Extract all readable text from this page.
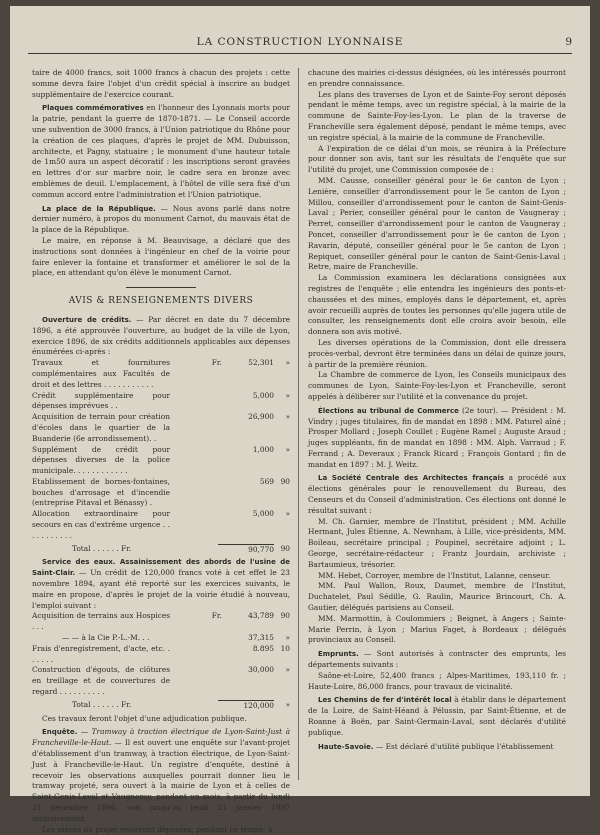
LA CONSTRUCTION LYONNAISE	9

taire de 4000 francs, soit 1000 francs à chacun des projets : cette somme devra faire l'objet d'un crédit spécial à inscrire au budget supplémentaire de l'exercice courant.

Plaques commémoratives en l'honneur des Lyonnais morts pour la patrie, pendant la guerre de 1870-1871. — Le Conseil accorde une subvention de 3000 francs, à l'Union patriotique du Rhône pour la création de ces plaques, d'après le projet de MM. Dubuisson, architecte, et Pagny, statuaire ; le monument d'une hauteur totale de 1m50 aura un aspect décoratif : les inscriptions seront gravées en lettres d'or sur marbre noir, le cadre sera en bronze avec emblèmes de deuil. L'emplacement, à l'hôtel de ville sera fixé d'un commun accord entre l'administration et l'Union patriotique.

La place de la République. — Nous avons parlé dans notre dernier numéro, à propos du monument Carnot, du mauvais état de la place de la République.

Le maire, en réponse à M. Beauvisage, a déclaré que des instructions sont données à l'ingénieur en chef de la voirie pour faire enlever la fontaine et transformer et améliorer le sol de la place, en attendant qu'on élève le monument Carnot.

AVIS & RENSEIGNEMENTS DIVERS

Ouverture de crédits. — Par décret en date du 7 décembre 1896, a été approuvée l'ouverture, au budget de la ville de Lyon, exercice 1896, de six crédits additionnels applicables aux dépenses énumérées ci-après :

Travaux et fournitures complémentaires aux Facultés de droit et des lettres . . . . . . . . . . .
Fr.	52,301	»
Crédit supplémentaire pour dépenses imprévues . .
5,000	»
Acquisition de terrain pour création d'écoles dans le quartier de la Buanderie (6e arrondissement). .
26,900	»
Supplément de crédit pour dépenses diverses de la police municipale. . . . . . . . . . . .
1,000	»
Etablissement de bornes-fontaines, bouches d'arrosage et d'incendie (entreprise Pitaval et Bénassy) .
569 90
Allocation extraordinaire pour secours en cas d'extrême urgence . . . . . . . . . . .
5,000	»
Total . . . . . . Fr.	90,770 90

Service des eaux. Assainissement des abords de l'usine de Saint-Clair. — Un crédit de 120,000 francs voté à cet effet le 23 novembre 1894, ayant été reporté sur les exercices suivants, le maire en propose, d'après le projet de la voirie étudié à nouveau, l'emploi suivant :

Acquisition de terrains aux Hospices . . .
Fr.	43,789 90
— — à la Cie P.-L.-M. . .	37,315	»
Frais d'enregistrement, d'acte, etc. . . . . . .
8.895 10
Construction d'égouts, de clôtures en treillage et de couvertures de regard . . . . . . . . . .
30,000	»
Total . . . . . . Fr.	120,000	»

Ces travaux feront l'objet d'une adjudication publique.

Enquête. — Tramway à traction électrique de Lyon-Saint-Just à Francheville-le-Haut. — Il est ouvert une enquête sur l'avant-projet d'établissement d'un tramway, à traction électrique, de Lyon-Saint-Just à Francheville-le-Haut. Un registre d'enquête, destiné à recevoir les observations auxquelles pourrait donner lieu le tramway projeté, sera ouvert à la mairie de Lyon et à celles de Saint-Genis-Laval et Vaugneray, pendant un mois, à partir du lundi 21 décembre 1896, soit jusqu'au jeudi 21 janvier 1897 inclusivement.

Les pièces du projet resteront déposées, pendant ce temps, à

chacune des mairies ci-dessus désignées, où les intéressés pourront en prendre connaissance.

Les plans des traverses de Lyon et de Sainte-Foy seront déposés pendant le même temps, avec un registre spécial, à la mairie de la commune de Sainte-Foy-les-Lyon. Le plan de la traverse de Francheville sera également déposé, pendant le même temps, avec un registre spécial, à la mairie de la commune de Francheville.

A l'expiration de ce délai d'un mois, se réunira à la Préfecture pour donner son avis, tant sur les résultats de l'enquête que sur l'utilité du projet, une Commission composée de :

MM. Causse, conseiller général pour le 6e canton de Lyon ; Lenière, conseiller d'arrondissement pour le 5e canton de Lyon ; Millou, conseiller d'arrondissement pour le canton de Saint-Genis-Laval ; Perier, conseiller général pour le canton de Vaugneray ; Perret, conseiller d'arrondissement pour le canton de Vaugneray ; Poncet, conseiller d'arrondissement pour le 6e canton de Lyon ; Ravarin, député, conseiller général pour le 5e canton de Lyon ; Repiquet, conseiller général pour le canton de Saint-Genis-Laval ; Retre, maire de Francheville.

La Commission examinera les déclarations consignées aux registres de l'enquête ; elle entendra les ingénieurs des ponts-et-chaussées et des mines, employés dans le département, et, après avoir recueilli auprès de toutes les personnes qu'elle jugera utile de consulter, les renseignements dont elle croira avoir besoin, elle donnera son avis motivé.

Les diverses opérations de la Commission, dont elle dressera procès-verbal, devront être terminées dans un délai de quinze jours, à partir de la première réunion.

La Chambre de commerce de Lyon, les Conseils municipaux des communes de Lyon, Sainte-Foy-les-Lyon et Francheville, seront appelés à délibérer sur l'utilité et la convenance du projet.

Élections au tribunal de Commerce (2e tour). — Président : M. Vindry ; juges titulaires, fin de mandat en 1898 : MM. Paturel aîné ; Prosper Mollard ; Joseph Coullet ; Eugène Ramel ; Auguste Araud ; juges suppléants, fin de mandat en 1898 : MM. Alph. Varraud ; F. Ferrand ; A. Deveraux ; Franck Ricard ; François Gontard ; fin de mandat en 1897 : M. J. Weitz.

La Société Centrale des Architectes français a procédé aux élections générales pour le renouvellement du Bureau, des Censeurs et du Conseil d'administration. Ces élections ont donné le résultat suivant :

M. Ch. Garnier, membre de l'Institut, président ; MM. Achille Hermant, Jules Étienne, A. Newnham, à Lille, vice-présidents, MM. Boileau, secrétaire principal ; Poupinel, secrétaire adjoint ; L. George, secrétaire-rédacteur ; Frantz Jourdain, archiviste ; Bartaumieux, trésorier.

MM. Hebet, Corroyer, membre de l'Institut, Lalanne, censeur.

MM. Paul Wallon, Roux, Daumet, membre de l'Institut, Duchatelet, Paul Sédille, G. Raulin, Maurice Brincourt, Ch. A. Gautier, délégués parisiens au Conseil.

MM. Marmottin, à Coulommiers ; Beignet, à Angers ; Sainte-Marie Perrin, à Lyon ; Marius Faget, à Bordeaux ; délégués provinciaux au Conseil.

Emprunts. — Sont autorisés à contracter des emprunts, les départements suivants :

Saône-et-Loire, 52,400 francs ; Alpes-Maritimes, 193,110 fr. ; Haute-Loire, 86,000 francs, pour travaux de vicinalité.

Les Chemins de fer d'intérêt local à établir dans le département de la Loire, de Saint-Héand à Pélussin, par Saint-Étienne, et de Roanne à Boën, par Saint-Germain-Laval, sont déclarés d'utilité publique.

Haute-Savoie. — Est déclaré d'utilité publique l'établissement
